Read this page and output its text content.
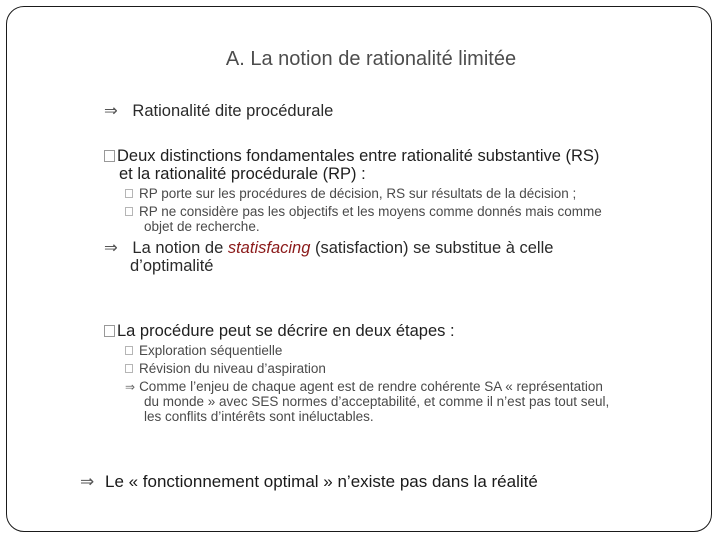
A. La notion de rationalité limitée
⇒ Rationalité dite procédurale
Deux distinctions fondamentales entre rationalité substantive (RS)
et la rationalité procédurale (RP) :
RP porte sur les procédures de décision, RS sur résultats de la décision ;
RP ne considère pas les objectifs et les moyens comme donnés mais comme
objet de recherche.
⇒ La notion de statisfacing (satisfaction) se substitue à celle
d’optimalité
La procédure peut se décrire en deux étapes :
Exploration séquentielle
Révision du niveau d’aspiration
⇒ Comme l’enjeu de chaque agent est de rendre cohérente SA « représentation
du monde » avec SES normes d’acceptabilité, et comme il n’est pas tout seul,
les conflits d’intérêts sont inéluctables.
⇒ Le « fonctionnement optimal » n’existe pas dans la réalité
